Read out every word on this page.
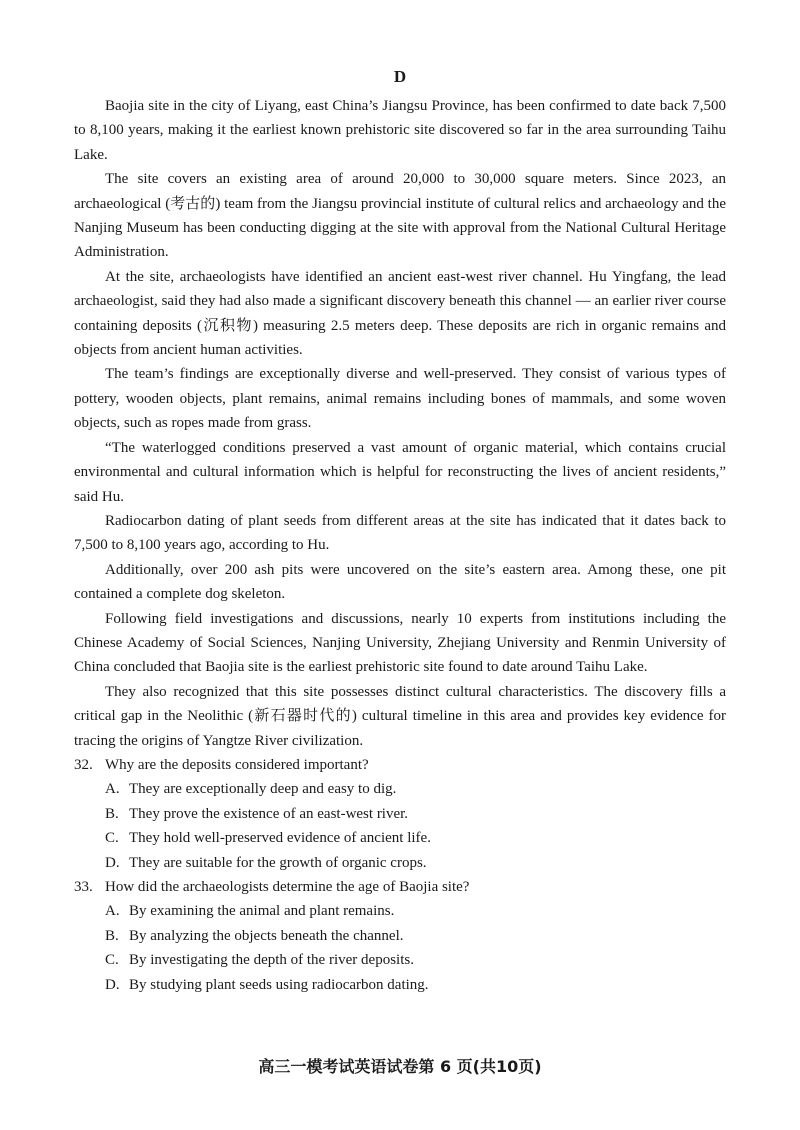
D

Baojia site in the city of Liyang, east China’s Jiangsu Province, has been confirmed to date back 7,500 to 8,100 years, making it the earliest known prehistoric site discovered so far in the area surrounding Taihu Lake.

The site covers an existing area of around 20,000 to 30,000 square meters. Since 2023, an archaeological (考古的) team from the Jiangsu provincial institute of cultural relics and archaeology and the Nanjing Museum has been conducting digging at the site with approval from the National Cultural Heritage Administration.

At the site, archaeologists have identified an ancient east-west river channel. Hu Yingfang, the lead archaeologist, said they had also made a significant discovery beneath this channel — an earlier river course containing deposits (沉积物) measuring 2.5 meters deep. These deposits are rich in organic remains and objects from ancient human activities.

The team’s findings are exceptionally diverse and well-preserved. They consist of various types of pottery, wooden objects, plant remains, animal remains including bones of mammals, and some woven objects, such as ropes made from grass.

“The waterlogged conditions preserved a vast amount of organic material, which contains crucial environmental and cultural information which is helpful for reconstructing the lives of ancient residents,” said Hu.

Radiocarbon dating of plant seeds from different areas at the site has indicated that it dates back to 7,500 to 8,100 years ago, according to Hu.

Additionally, over 200 ash pits were uncovered on the site’s eastern area. Among these, one pit contained a complete dog skeleton.

Following field investigations and discussions, nearly 10 experts from institutions including the Chinese Academy of Social Sciences, Nanjing University, Zhejiang University and Renmin University of China concluded that Baojia site is the earliest prehistoric site found to date around Taihu Lake.

They also recognized that this site possesses distinct cultural characteristics. The discovery fills a critical gap in the Neolithic (新石器时代的) cultural timeline in this area and provides key evidence for tracing the origins of Yangtze River civilization.

32. Why are the deposits considered important?
A. They are exceptionally deep and easy to dig.
B. They prove the existence of an east-west river.
C. They hold well-preserved evidence of ancient life.
D. They are suitable for the growth of organic crops.
33. How did the archaeologists determine the age of Baojia site?
A. By examining the animal and plant remains.
B. By analyzing the objects beneath the channel.
C. By investigating the depth of the river deposits.
D. By studying plant seeds using radiocarbon dating.
高三一模考试英语试卷第 6 页(共10页)
